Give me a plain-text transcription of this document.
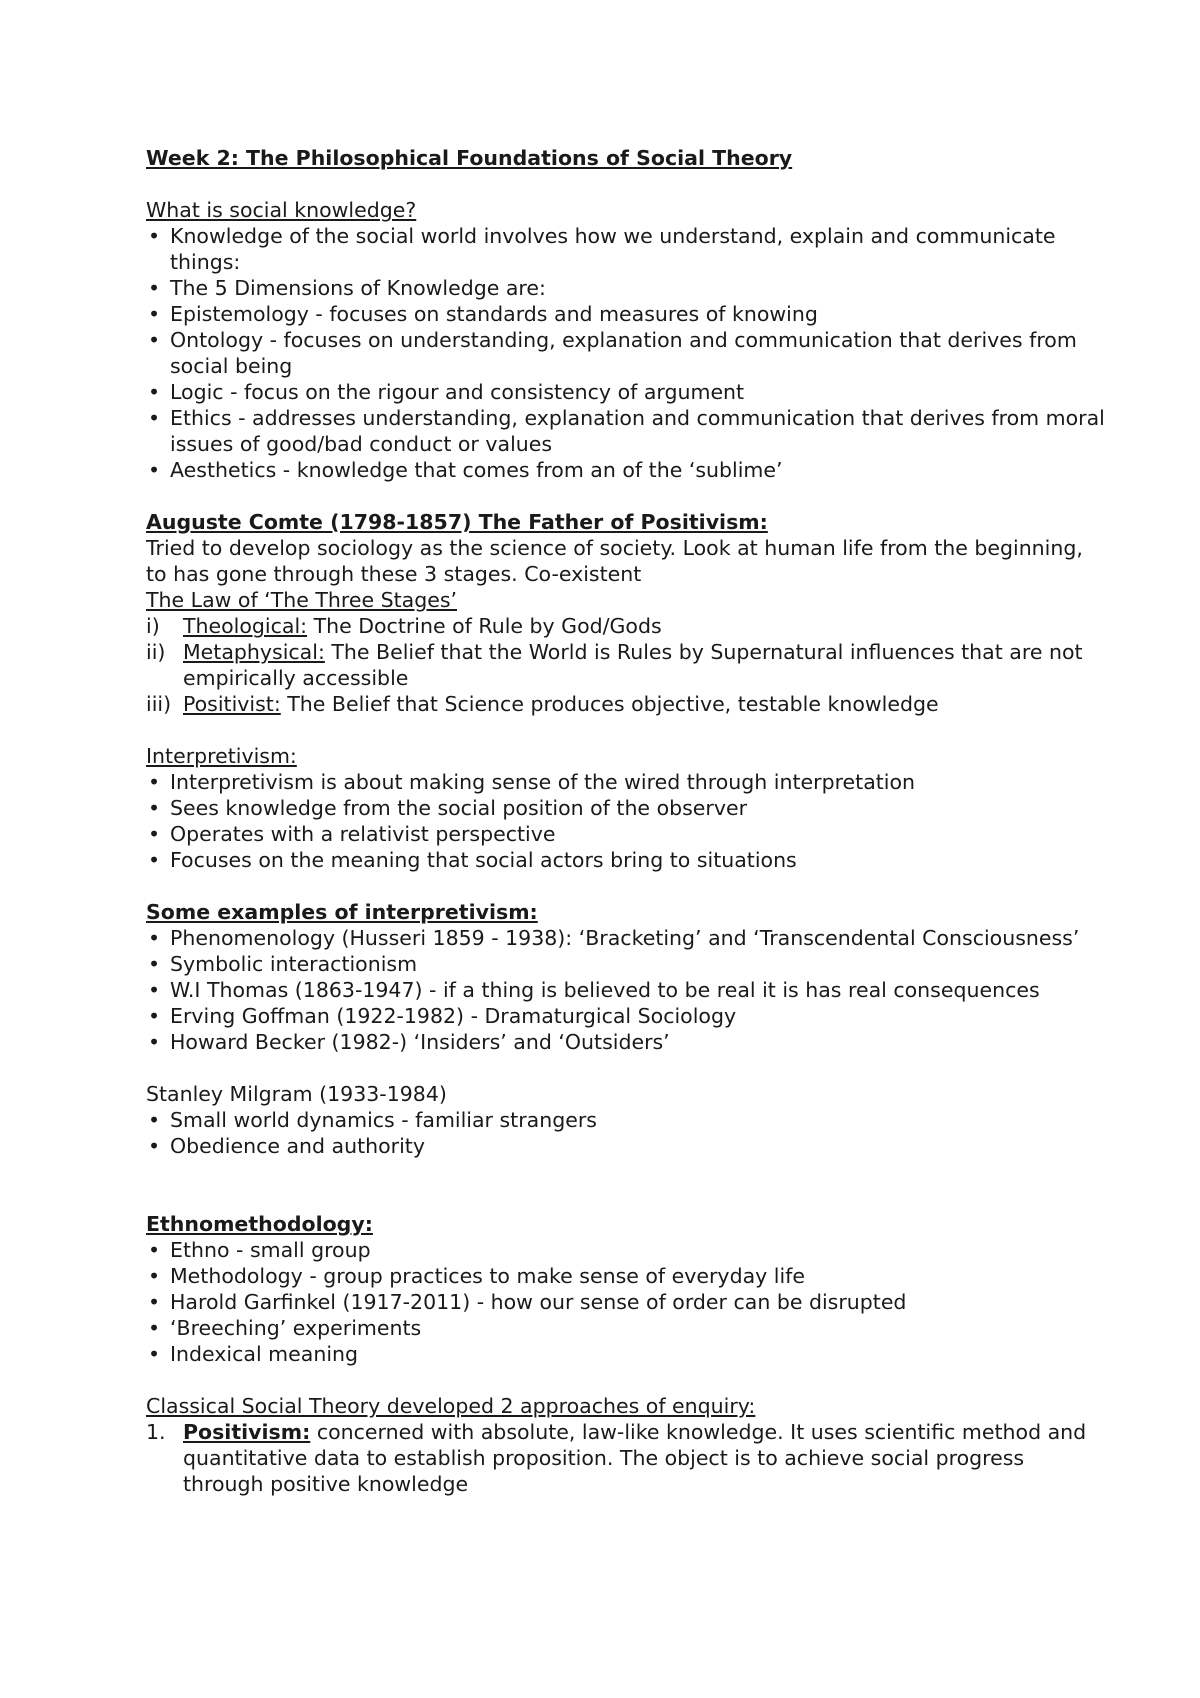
Week 2: The Philosophical Foundations of Social Theory

What is social knowledge?

• Knowledge of the social world involves how we understand, explain and communicate things:
• The 5 Dimensions of Knowledge are:
• Epistemology - focuses on standards and measures of knowing
• Ontology - focuses on understanding, explanation and communication that derives from social being
• Logic - focus on the rigour and consistency of argument
• Ethics - addresses understanding, explanation and communication that derives from moral issues of good/bad conduct or values
• Aesthetics - knowledge that comes from an of the ‘sublime’

Auguste Comte (1798-1857) The Father of Positivism:

Tried to develop sociology as the science of society. Look at human life from the beginning, to has gone through these 3 stages. Co-existent

The Law of ‘The Three Stages’

i) Theological: The Doctrine of Rule by God/Gods
ii) Metaphysical: The Belief that the World is Rules by Supernatural influences that are not empirically accessible
iii) Positivist: The Belief that Science produces objective, testable knowledge

Interpretivism:

• Interpretivism is about making sense of the wired through interpretation
• Sees knowledge from the social position of the observer
• Operates with a relativist perspective
• Focuses on the meaning that social actors bring to situations

Some examples of interpretivism:

• Phenomenology (Husseri 1859 - 1938): ‘Bracketing’ and ‘Transcendental Consciousness’
• Symbolic interactionism
• W.I Thomas (1863-1947) - if a thing is believed to be real it is has real consequences
• Erving Goffman (1922-1982) - Dramaturgical Sociology
• Howard Becker (1982-) ‘Insiders’ and ‘Outsiders’

Stanley Milgram (1933-1984)

• Small world dynamics - familiar strangers
• Obedience and authority

Ethnomethodology:

• Ethno - small group
• Methodology - group practices to make sense of everyday life
• Harold Garfinkel (1917-2011) - how our sense of order can be disrupted
• ‘Breeching’ experiments
• Indexical meaning

Classical Social Theory developed 2 approaches of enquiry:

1. Positivism: concerned with absolute, law-like knowledge. It uses scientific method and quantitative data to establish proposition. The object is to achieve social progress through positive knowledge
